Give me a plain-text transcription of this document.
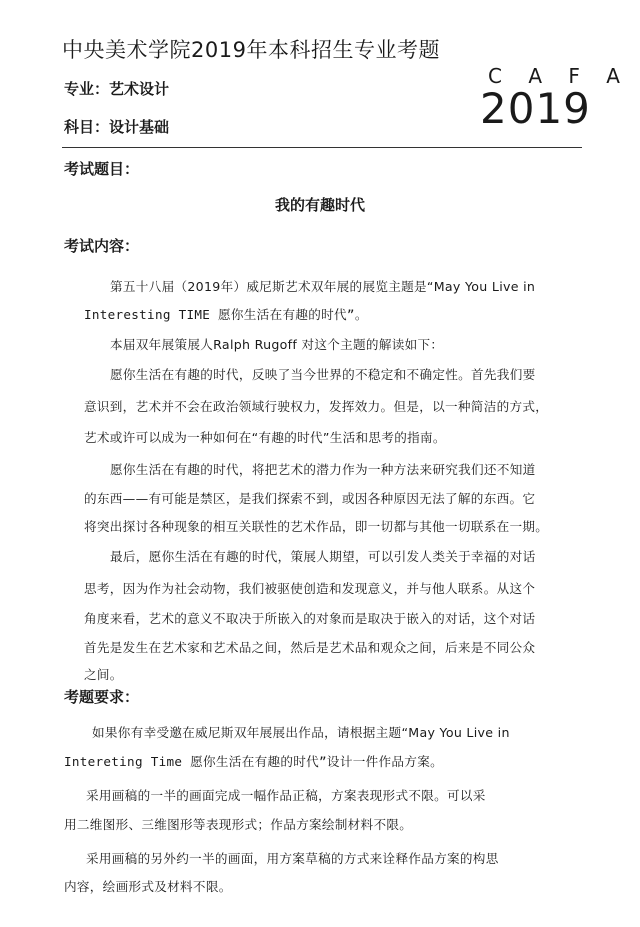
中央美术学院2019年本科招生专业考题
专业：艺术设计
科目：设计基础
C A F A
2019
考试题目：
我的有趣时代
考试内容：
第五十八届（2019年）威尼斯艺术双年展的展览主题是“May You Live in
Interesting TIME 愿你生活在有趣的时代”。
本届双年展策展人Ralph Rugoff 对这个主题的解读如下：
愿你生活在有趣的时代，反映了当今世界的不稳定和不确定性。首先我们要
意识到，艺术并不会在政治领域行驶权力，发挥效力。但是，以一种简洁的方式，
艺术或许可以成为一种如何在“有趣的时代”生活和思考的指南。
愿你生活在有趣的时代，将把艺术的潜力作为一种方法来研究我们还不知道
的东西——有可能是禁区，是我们探索不到，或因各种原因无法了解的东西。它
将突出探讨各种现象的相互关联性的艺术作品，即一切都与其他一切联系在一期。
最后，愿你生活在有趣的时代，策展人期望，可以引发人类关于幸福的对话
思考，因为作为社会动物，我们被驱使创造和发现意义，并与他人联系。从这个
角度来看，艺术的意义不取决于所嵌入的对象而是取决于嵌入的对话，这个对话
首先是发生在艺术家和艺术品之间，然后是艺术品和观众之间，后来是不同公众
之间。
考题要求：
如果你有幸受邀在威尼斯双年展展出作品，请根据主题“May You Live in
Intereting Time 愿你生活在有趣的时代”设计一件作品方案。
采用画稿的一半的画面完成一幅作品正稿，方案表现形式不限。可以采
用二维图形、三维图形等表现形式；作品方案绘制材料不限。
采用画稿的另外约一半的画面，用方案草稿的方式来诠释作品方案的构思
内容，绘画形式及材料不限。
